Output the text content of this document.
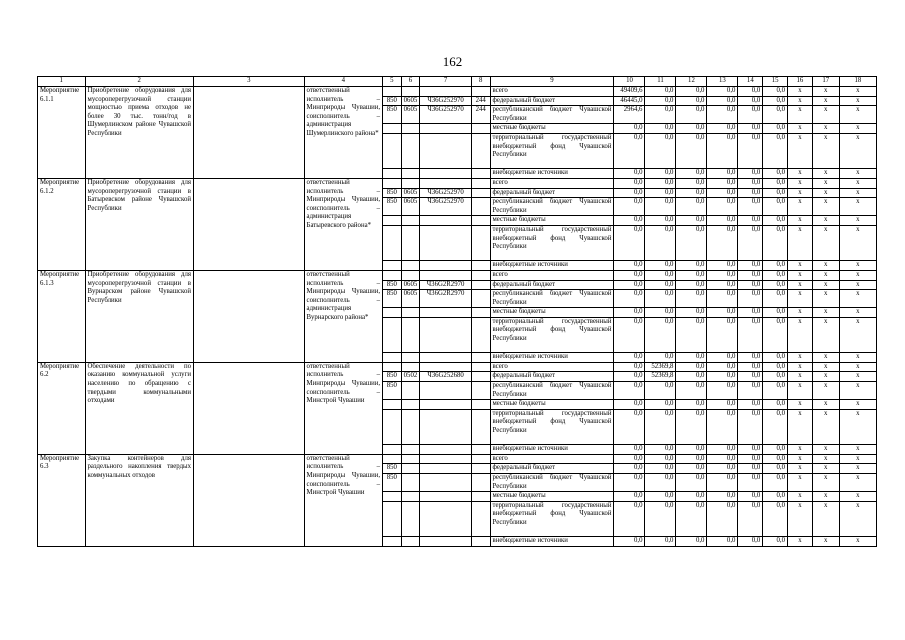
162
1	2	3	4	5	6	7	8	9	10	11	12	13	14	15	16	17	18
Мероприятие 6.1.1	Приобретение оборудования для мусороперегрузочной станции мощностью приема отходов не более 30 тыс. тонн/год в Шумерлинском районе Чувашской Республики		ответственный исполнитель – Минприроды Чувашии, соисполнитель – администрация Шумерлинского района*					всего	49409,6	0,0	0,0	0,0	0,0	0,0	x	x	x
				850	0605	Ч36G252970	244	федеральный бюджет	46445,0	0,0	0,0	0,0	0,0	0,0	x	x	x
				850	0605	Ч36G252970	244	республиканский бюджет Чувашской Республики	2964,6	0,0	0,0	0,0	0,0	0,0	x	x	x
								местные бюджеты	0,0	0,0	0,0	0,0	0,0	0,0	x	x	x
								территориальный государственный внебюджетный фонд Чувашской Республики	0,0	0,0	0,0	0,0	0,0	0,0	x	x	x
								внебюджетные источники	0,0	0,0	0,0	0,0	0,0	0,0	x	x	x
Мероприятие 6.1.2	Приобретение оборудования для мусороперегрузочной станции в Батыревском районе Чувашской Республики		ответственный исполнитель – Минприроды Чувашии, соисполнитель – администрация Батыревского района*					всего	0,0	0,0	0,0	0,0	0,0	0,0	x	x	x
				850	0605	Ч36G252970		федеральный бюджет	0,0	0,0	0,0	0,0	0,0	0,0	x	x	x
				850	0605	Ч36G252970		республиканский бюджет Чувашской Республики	0,0	0,0	0,0	0,0	0,0	0,0	x	x	x
								местные бюджеты	0,0	0,0	0,0	0,0	0,0	0,0	x	x	x
								территориальный государственный внебюджетный фонд Чувашской Республики	0,0	0,0	0,0	0,0	0,0	0,0	x	x	x
								внебюджетные источники	0,0	0,0	0,0	0,0	0,0	0,0	x	x	x
Мероприятие 6.1.3	Приобретение оборудования для мусороперегрузочной станции в Вурнарском районе Чувашской Республики		ответственный исполнитель – Минприроды Чувашии, соисполнитель – администрация Вурнарского района*					всего	0,0	0,0	0,0	0,0	0,0	0,0	x	x	x
				850	0605	Ч36G2R2970		федеральный бюджет	0,0	0,0	0,0	0,0	0,0	0,0	x	x	x
				850	0605	Ч36G2R2970		республиканский бюджет Чувашской Республики	0,0	0,0	0,0	0,0	0,0	0,0	x	x	x
								местные бюджеты	0,0	0,0	0,0	0,0	0,0	0,0	x	x	x
								территориальный государственный внебюджетный фонд Чувашской Республики	0,0	0,0	0,0	0,0	0,0	0,0	x	x	x
								внебюджетные источники	0,0	0,0	0,0	0,0	0,0	0,0	x	x	x
Мероприятие 6.2	Обеспечение деятельности по оказанию коммунальной услуги населению по обращению с твердыми коммунальными отходами		ответственный исполнитель – Минприроды Чувашии, соисполнитель – Минстрой Чувашии					всего	0,0	52369,8	0,0	0,0	0,0	0,0	x	x	x
				850	0502	Ч36G252680		федеральный бюджет	0,0	52369,8	0,0	0,0	0,0	0,0	x	x	x
				850				республиканский бюджет Чувашской Республики	0,0	0,0	0,0	0,0	0,0	0,0	x	x	x
								местные бюджеты	0,0	0,0	0,0	0,0	0,0	0,0	x	x	x
								территориальный государственный внебюджетный фонд Чувашской Республики	0,0	0,0	0,0	0,0	0,0	0,0	x	x	x
								внебюджетные источники	0,0	0,0	0,0	0,0	0,0	0,0	x	x	x
Мероприятие 6.3	Закупка контейнеров для раздельного накопления твердых коммунальных отходов		ответственный исполнитель – Минприроды Чувашии, соисполнитель – Минстрой Чувашии					всего	0,0	0,0	0,0	0,0	0,0	0,0	x	x	x
				850				федеральный бюджет	0,0	0,0	0,0	0,0	0,0	0,0	x	x	x
				850				республиканский бюджет Чувашской Республики	0,0	0,0	0,0	0,0	0,0	0,0	x	x	x
								местные бюджеты	0,0	0,0	0,0	0,0	0,0	0,0	x	x	x
								территориальный государственный внебюджетный фонд Чувашской Республики	0,0	0,0	0,0	0,0	0,0	0,0	x	x	x
								внебюджетные источники	0,0	0,0	0,0	0,0	0,0	0,0	x	x	x
